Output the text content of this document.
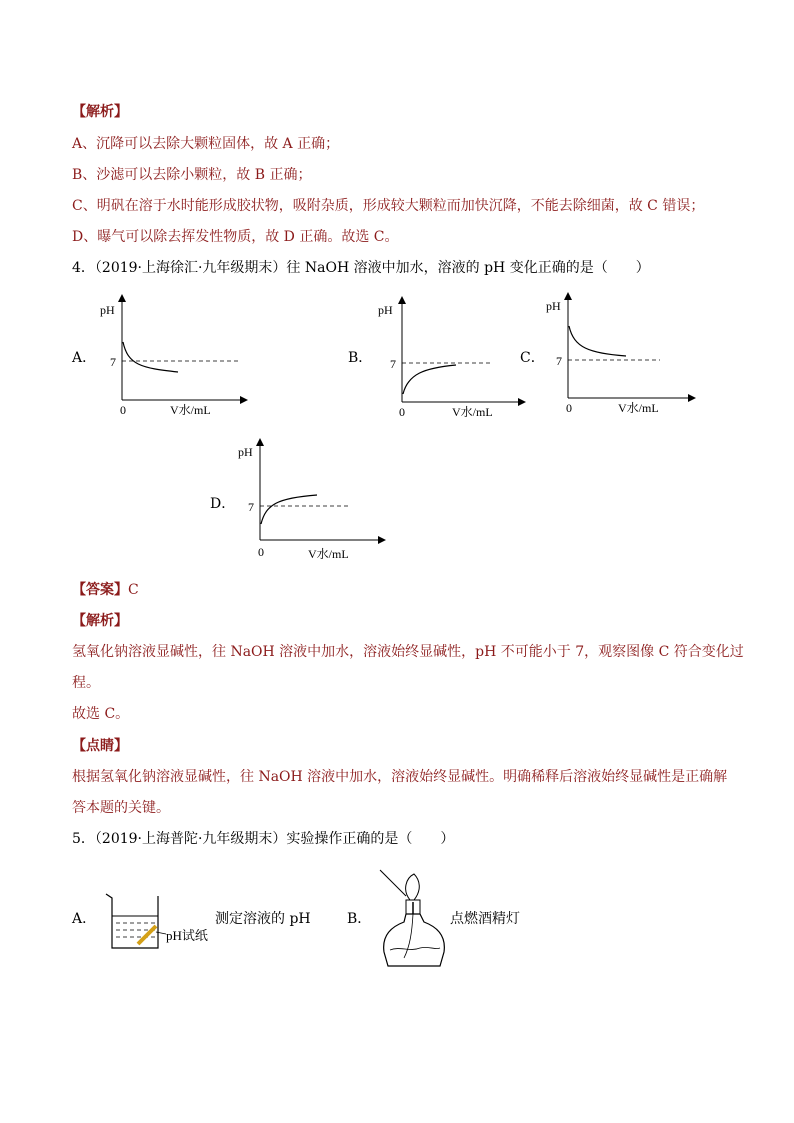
【解析】
A、沉降可以去除大颗粒固体，故 A 正确；
B、沙滤可以去除小颗粒，故 B 正确；
C、明矾在溶于水时能形成胶状物，吸附杂质，形成较大颗粒而加快沉降，不能去除细菌，故 C 错误；
D、曝气可以除去挥发性物质，故 D 正确。故选 C。
4．（2019·上海徐汇·九年级期末）往 NaOH 溶液中加水，溶液的 pH 变化正确的是（　　）
A．
pH
7
0	V水/mL
B．
pH
7
0	V水/mL
C．
pH
7
0	V水/mL
D．
pH
7
0	V水/mL
【答案】C
【解析】
氢氧化钠溶液显碱性，往 NaOH 溶液中加水，溶液始终显碱性，pH 不可能小于 7，观察图像 C 符合变化过
程。
故选 C。
【点睛】
根据氢氧化钠溶液显碱性，往 NaOH 溶液中加水，溶液始终显碱性。明确稀释后溶液始终显碱性是正确解
答本题的关键。
5．（2019·上海普陀·九年级期末）实验操作正确的是（　　）
A．
pH试纸
测定溶液的 pH	B．	点燃酒精灯
